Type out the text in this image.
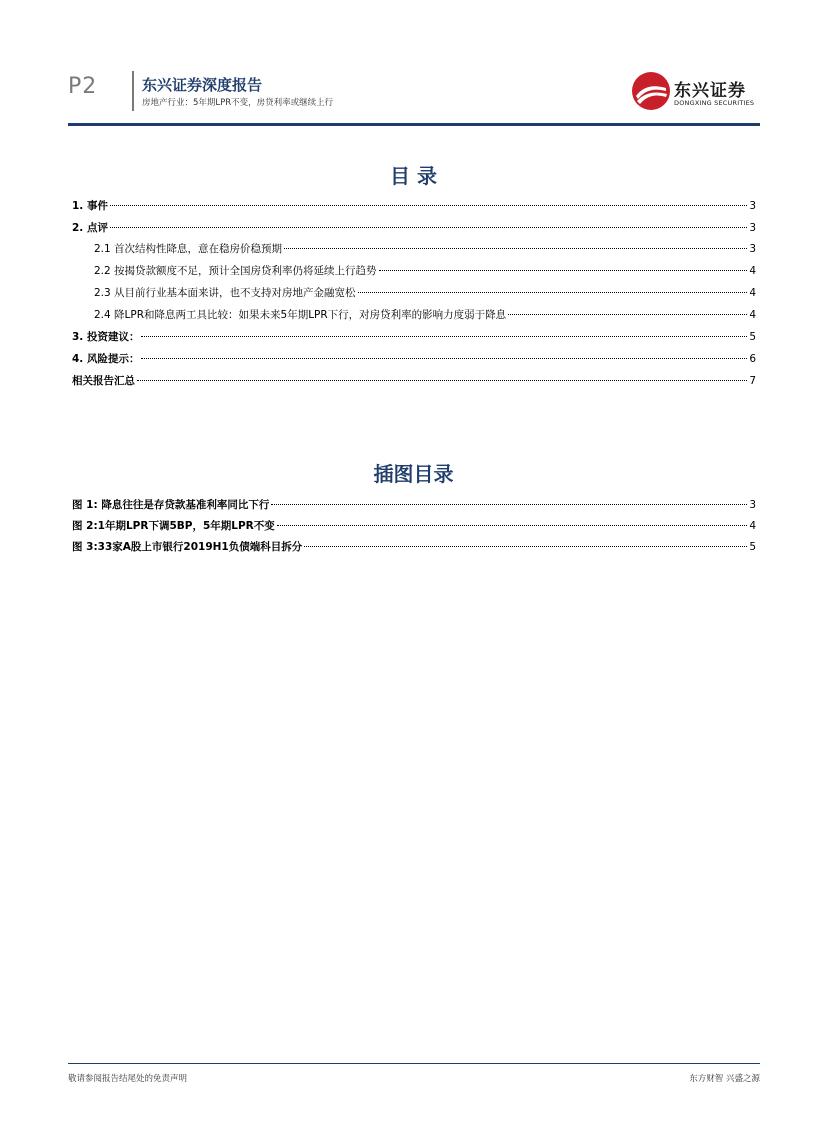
P2	东兴证券深度报告
房地产行业：5年期LPR不变，房贷利率或继续上行
东兴证券
DONGXING SECURITIES
目 录
1. 事件	3
2. 点评	3
2.1 首次结构性降息，意在稳房价稳预期	3
2.2 按揭贷款额度不足，预计全国房贷利率仍将延续上行趋势	4
2.3 从目前行业基本面来讲，也不支持对房地产金融宽松	4
2.4 降LPR和降息两工具比较：如果未来5年期LPR下行，对房贷利率的影响力度弱于降息	4
3. 投资建议：	5
4. 风险提示：	6
相关报告汇总	7
插图目录
图 1: 降息往往是存贷款基准利率同比下行	3
图 2:1年期LPR下调5BP，5年期LPR不变	4
图 3:33家A股上市银行2019H1负债端科目拆分	5
敬请参阅报告结尾处的免责声明	东方财智 兴盛之源
